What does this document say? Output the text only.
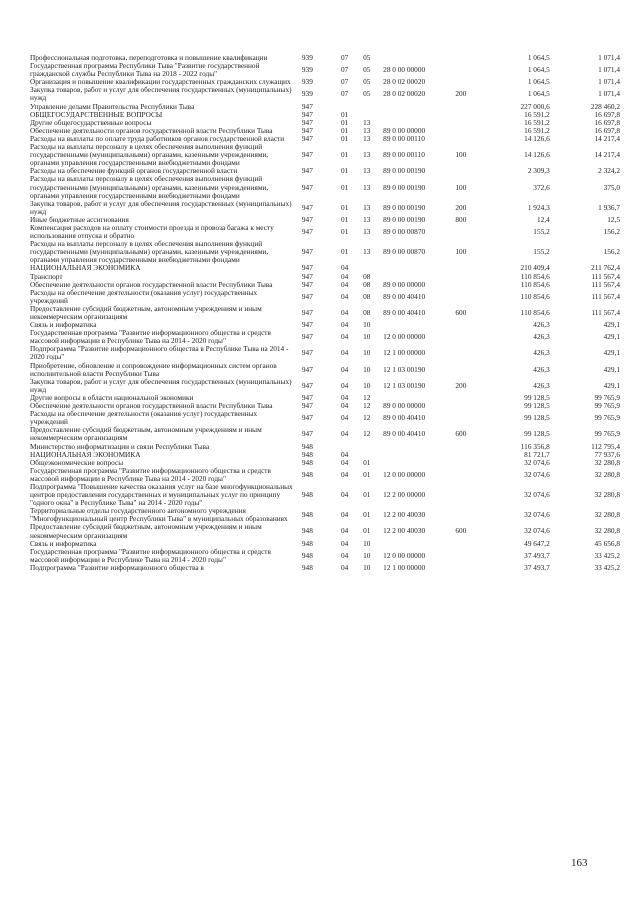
Профессиональная подготовка, переподготовка и повышение квалификации	939	07	05			1 064,5	1 071,4
Государственная программа Республики Тыва "Развитие государственной гражданской службы Республики Тыва на 2018 - 2022 годы"	939	07	05	28 0 00 00000		1 064,5	1 071,4
Организация и повышение квалификации государственных гражданских служащих	939	07	05	28 0 02 00020		1 064,5	1 071,4
Закупка товаров, работ и услуг для обеспечения государственных (муниципальных) нужд	939	07	05	28 0 02 00020	200	1 064,5	1 071,4
Управление делами Правительства Республики Тыва	947					227 000,6	228 460,2
ОБЩЕГОСУДАРСТВЕННЫЕ ВОПРОСЫ	947	01				16 591,2	16 697,8
Другие общегосударственные вопросы	947	01	13			16 591,2	16 697,8
Обеспечение деятельности органов государственной власти Республики Тыва	947	01	13	89 0 00 00000		16 591,2	16 697,8
Расходы на выплаты по оплате труда работников органов государственной власти	947	01	13	89 0 00 00110		14 126,6	14 217,4
Расходы на выплаты персоналу в целях обеспечения выполнения функций государственными (муниципальными) органами, казенными учреждениями, органами управления государственными внебюджетными фондами	947	01	13	89 0 00 00110	100	14 126,6	14 217,4
Расходы на обеспечение функций органов государственной власти	947	01	13	89 0 00 00190		2 309,3	2 324,2
Расходы на выплаты персоналу в целях обеспечения выполнения функций государственными (муниципальными) органами, казенными учреждениями, органами управления государственными внебюджетными фондами	947	01	13	89 0 00 00190	100	372,6	375,0
Закупка товаров, работ и услуг для обеспечения государственных (муниципальных) нужд	947	01	13	89 0 00 00190	200	1 924,3	1 936,7
Иные бюджетные ассигнования	947	01	13	89 0 00 00190	800	12,4	12,5
Компенсация расходов на оплату стоимости проезда и провоза багажа к месту использования отпуска и обратно	947	01	13	89 0 00 00870		155,2	156,2
Расходы на выплаты персоналу в целях обеспечения выполнения функций государственными (муниципальными) органами, казенными учреждениями, органами управления государственными внебюджетными фондами	947	01	13	89 0 00 00870	100	155,2	156,2
НАЦИОНАЛЬНАЯ ЭКОНОМИКА	947	04				210 409,4	211 762,4
Транспорт	947	04	08			110 854,6	111 567,4
Обеспечение деятельности органов государственной власти Республики Тыва	947	04	08	89 0 00 00000		110 854,6	111 567,4
Расходы на обеспечение деятельности (оказания услуг) государственных учреждений	947	04	08	89 0 00 40410		110 854,6	111 567,4
Предоставление субсидий бюджетным, автономным учреждениям и иным некоммерческим организациям	947	04	08	89 0 00 40410	600	110 854,6	111 567,4
Связь и информатика	947	04	10			426,3	429,1
Государственная программа "Развитие информационного общества и средств массовой информации в Республике Тыва на 2014 - 2020 годы"	947	04	10	12 0 00 00000		426,3	429,1
Подпрограмма "Развитие информационного общества в Республике Тыва на 2014 - 2020 годы"	947	04	10	12 1 00 00000		426,3	429,1
Приобретение, обновление и сопровождение информационных систем органов исполнительной власти Республики Тыва	947	04	10	12 1 03 00190		426,3	429,1
Закупка товаров, работ и услуг для обеспечения государственных (муниципальных) нужд	947	04	10	12 1 03 00190	200	426,3	429,1
Другие вопросы в области национальной экономики	947	04	12			99 128,5	99 765,9
Обеспечение деятельности органов государственной власти Республики Тыва	947	04	12	89 0 00 00000		99 128,5	99 765,9
Расходы на обеспечение деятельности (оказания услуг) государственных учреждений	947	04	12	89 0 00 40410		99 128,5	99 765,9
Предоставление субсидий бюджетным, автономным учреждениям и иным некоммерческим организациям	947	04	12	89 0 00 40410	600	99 128,5	99 765,9
Министерство информатизации и связи Республики Тыва	948					116 356,8	112 795,4
НАЦИОНАЛЬНАЯ ЭКОНОМИКА	948	04				81 721,7	77 937,6
Общеэкономические вопросы	948	04	01			32 074,6	32 280,8
Государственная программа "Развитие информационного общества и средств массовой информации в Республике Тыва на 2014 - 2020 годы"	948	04	01	12 0 00 00000		32 074,6	32 280,8
Подпрограмма "Повышение качества оказания услуг на базе многофункциональных центров предоставления государственных и муниципальных услуг по принципу "одного окна" в Республике Тыва" на 2014 - 2020 годы"	948	04	01	12 2 00 00000		32 074,6	32 280,8
Территориальные отделы государственного автономного учреждения "Многофункциональный центр Республики Тыва" в муниципальных образованиях	948	04	01	12 2 00 40030		32 074,6	32 280,8
Предоставление субсидий бюджетным, автономным учреждениям и иным некоммерческим организациям	948	04	01	12 2 00 40030	600	32 074,6	32 280,8
Связь и информатика	948	04	10			49 647,2	45 656,8
Государственная программа "Развитие информационного общества и средств массовой информации в Республике Тыва на 2014 - 2020 годы"	948	04	10	12 0 00 00000		37 493,7	33 425,2
Подпрограмма "Развитие информационного общества в	948	04	10	12 1 00 00000		37 493,7	33 425,2
163
